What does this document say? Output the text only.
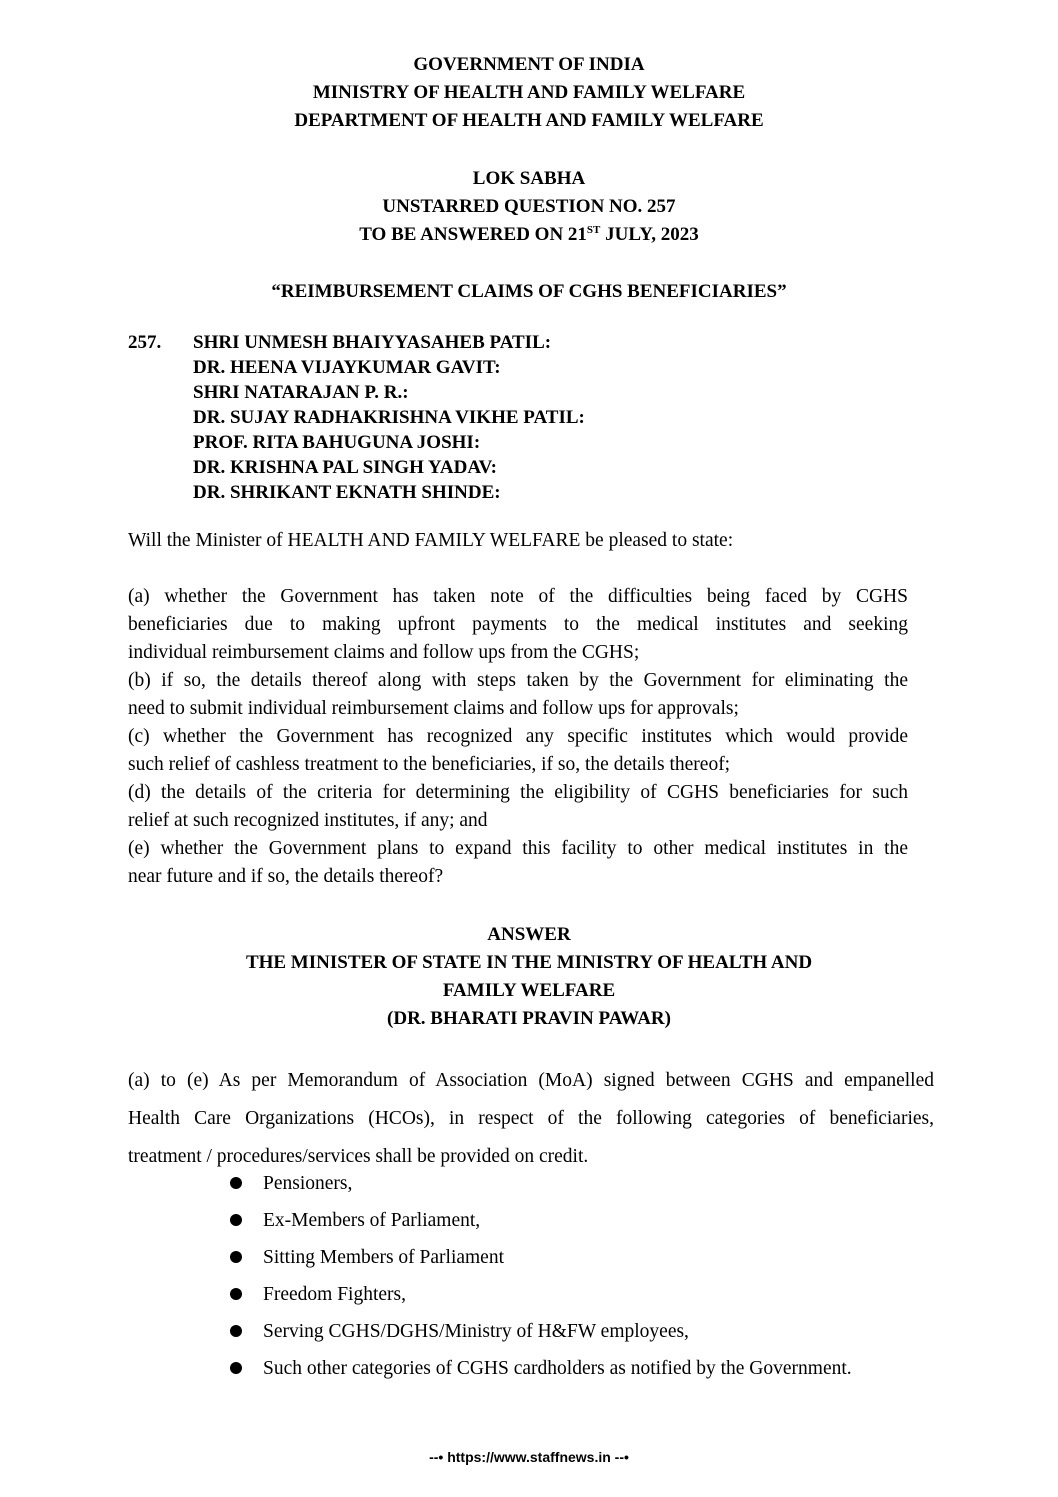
GOVERNMENT OF INDIA
MINISTRY OF HEALTH AND FAMILY WELFARE
DEPARTMENT OF HEALTH AND FAMILY WELFARE
LOK SABHA
UNSTARRED QUESTION NO. 257
TO BE ANSWERED ON 21ST JULY, 2023
“REIMBURSEMENT CLAIMS OF CGHS BENEFICIARIES”
257. SHRI UNMESH BHAIYYASAHEB PATIL:
DR. HEENA VIJAYKUMAR GAVIT:
SHRI NATARAJAN P. R.:
DR. SUJAY RADHAKRISHNA VIKHE PATIL:
PROF. RITA BAHUGUNA JOSHI:
DR. KRISHNA PAL SINGH YADAV:
DR. SHRIKANT EKNATH SHINDE:
Will the Minister of HEALTH AND FAMILY WELFARE be pleased to state:
(a) whether the Government has taken note of the difficulties being faced by CGHS
beneficiaries due to making upfront payments to the medical institutes and seeking
individual reimbursement claims and follow ups from the CGHS;
(b) if so, the details thereof along with steps taken by the Government for eliminating the
need to submit individual reimbursement claims and follow ups for approvals;
(c) whether the Government has recognized any specific institutes which would provide
such relief of cashless treatment to the beneficiaries, if so, the details thereof;
(d) the details of the criteria for determining the eligibility of CGHS beneficiaries for such
relief at such recognized institutes, if any; and
(e) whether the Government plans to expand this facility to other medical institutes in the
near future and if so, the details thereof?
ANSWER
THE MINISTER OF STATE IN THE MINISTRY OF HEALTH AND
FAMILY WELFARE
(DR. BHARATI PRAVIN PAWAR)
(a) to (e) As per Memorandum of Association (MoA) signed between CGHS and empanelled
Health Care Organizations (HCOs), in respect of the following categories of beneficiaries,
treatment / procedures/services shall be provided on credit.
Pensioners,
Ex-Members of Parliament,
Sitting Members of Parliament
Freedom Fighters,
Serving CGHS/DGHS/Ministry of H&FW employees,
Such other categories of CGHS cardholders as notified by the Government.
--• https://www.staffnews.in --•
